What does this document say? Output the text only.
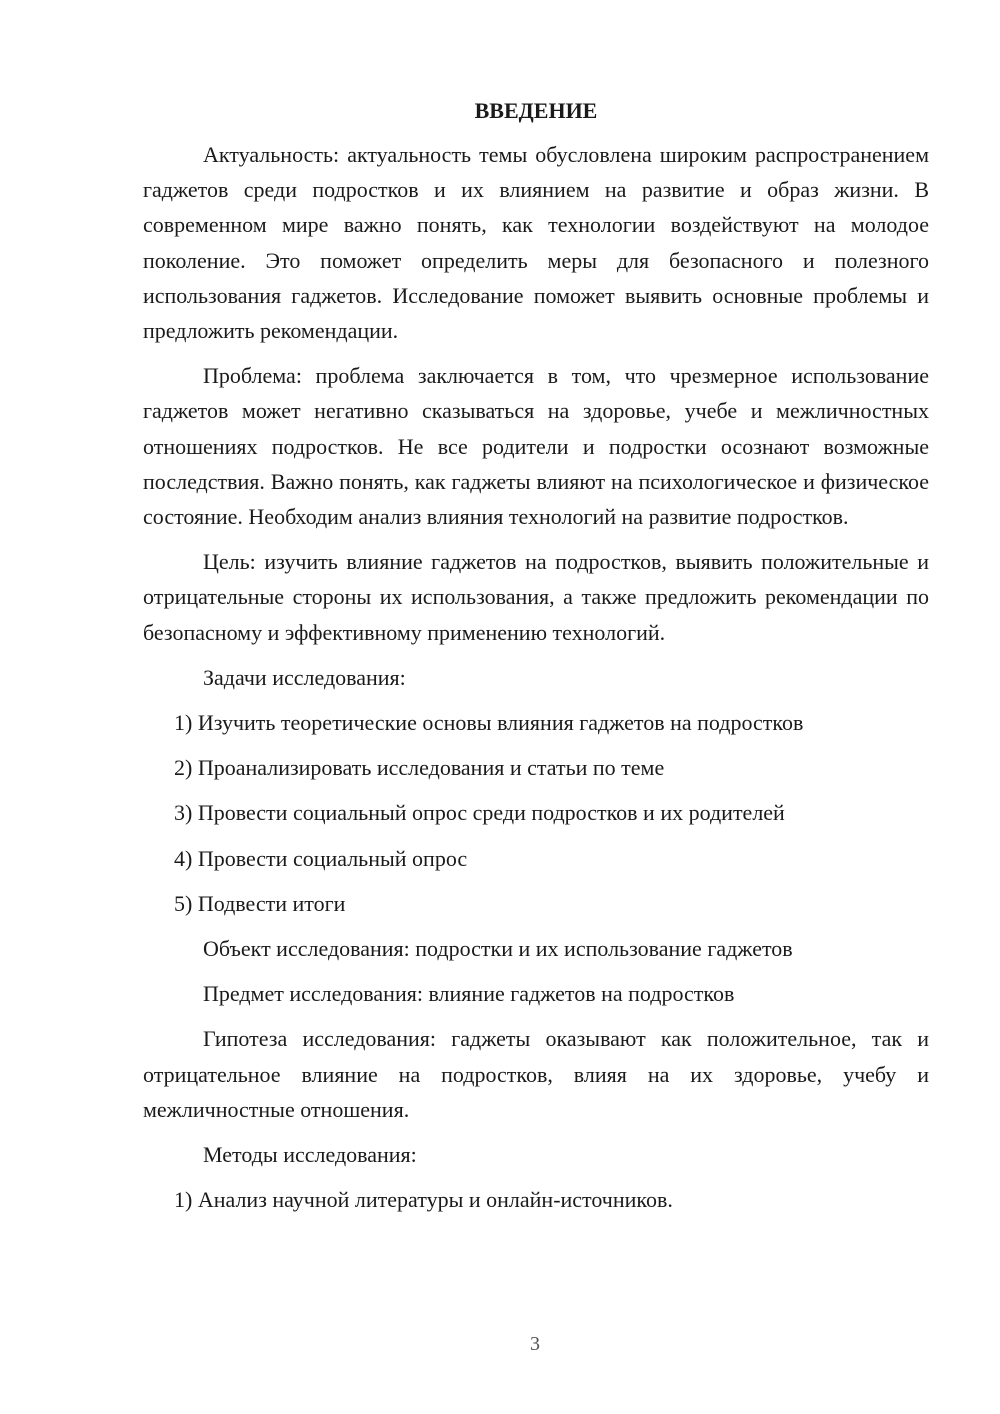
ВВЕДЕНИЕ

Актуальность: актуальность темы обусловлена широким распространением гаджетов среди подростков и их влиянием на развитие и образ жизни. В современном мире важно понять, как технологии воздействуют на молодое поколение. Это поможет определить меры для безопасного и полезного использования гаджетов. Исследование поможет выявить основные проблемы и предложить рекомендации.

Проблема: проблема заключается в том, что чрезмерное использование гаджетов может негативно сказываться на здоровье, учебе и межличностных отношениях подростков. Не все родители и подростки осознают возможные последствия. Важно понять, как гаджеты влияют на психологическое и физическое состояние. Необходим анализ влияния технологий на развитие подростков.

Цель: изучить влияние гаджетов на подростков, выявить положительные и отрицательные стороны их использования, а также предложить рекомендации по безопасному и эффективному применению технологий.

Задачи исследования:

1) Изучить теоретические основы влияния гаджетов на подростков

2) Проанализировать исследования и статьи по теме

3) Провести социальный опрос среди подростков и их родителей

4) Провести социальный опрос

5) Подвести итоги

Объект исследования: подростки и их использование гаджетов

Предмет исследования: влияние гаджетов на подростков

Гипотеза исследования: гаджеты оказывают как положительное, так и отрицательное влияние на подростков, влияя на их здоровье, учебу и межличностные отношения.

Методы исследования:

1) Анализ научной литературы и онлайн-источников.

3
